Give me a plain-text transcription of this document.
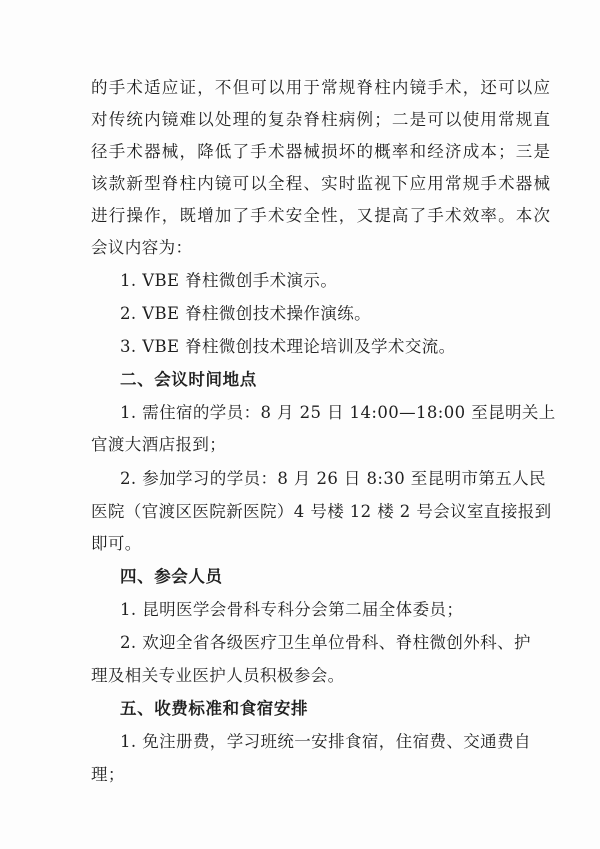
的手术适应证，不但可以用于常规脊柱内镜手术，还可以应
对传统内镜难以处理的复杂脊柱病例；二是可以使用常规直
径手术器械，降低了手术器械损坏的概率和经济成本；三是
该款新型脊柱内镜可以全程、实时监视下应用常规手术器械
进行操作，既增加了手术安全性，又提高了手术效率。本次
会议内容为：
1. VBE 脊柱微创手术演示。
2. VBE 脊柱微创技术操作演练。
3. VBE 脊柱微创技术理论培训及学术交流。
二、会议时间地点
1. 需住宿的学员：8 月 25 日 14:00—18:00 至昆明关上
官渡大酒店报到；
2. 参加学习的学员：8 月 26 日 8:30 至昆明市第五人民
医院（官渡区医院新医院）4 号楼 12 楼 2 号会议室直接报到
即可。
四、参会人员
1. 昆明医学会骨科专科分会第二届全体委员；
2. 欢迎全省各级医疗卫生单位骨科、脊柱微创外科、护
理及相关专业医护人员积极参会。
五、收费标准和食宿安排
1. 免注册费，学习班统一安排食宿，住宿费、交通费自
理；
